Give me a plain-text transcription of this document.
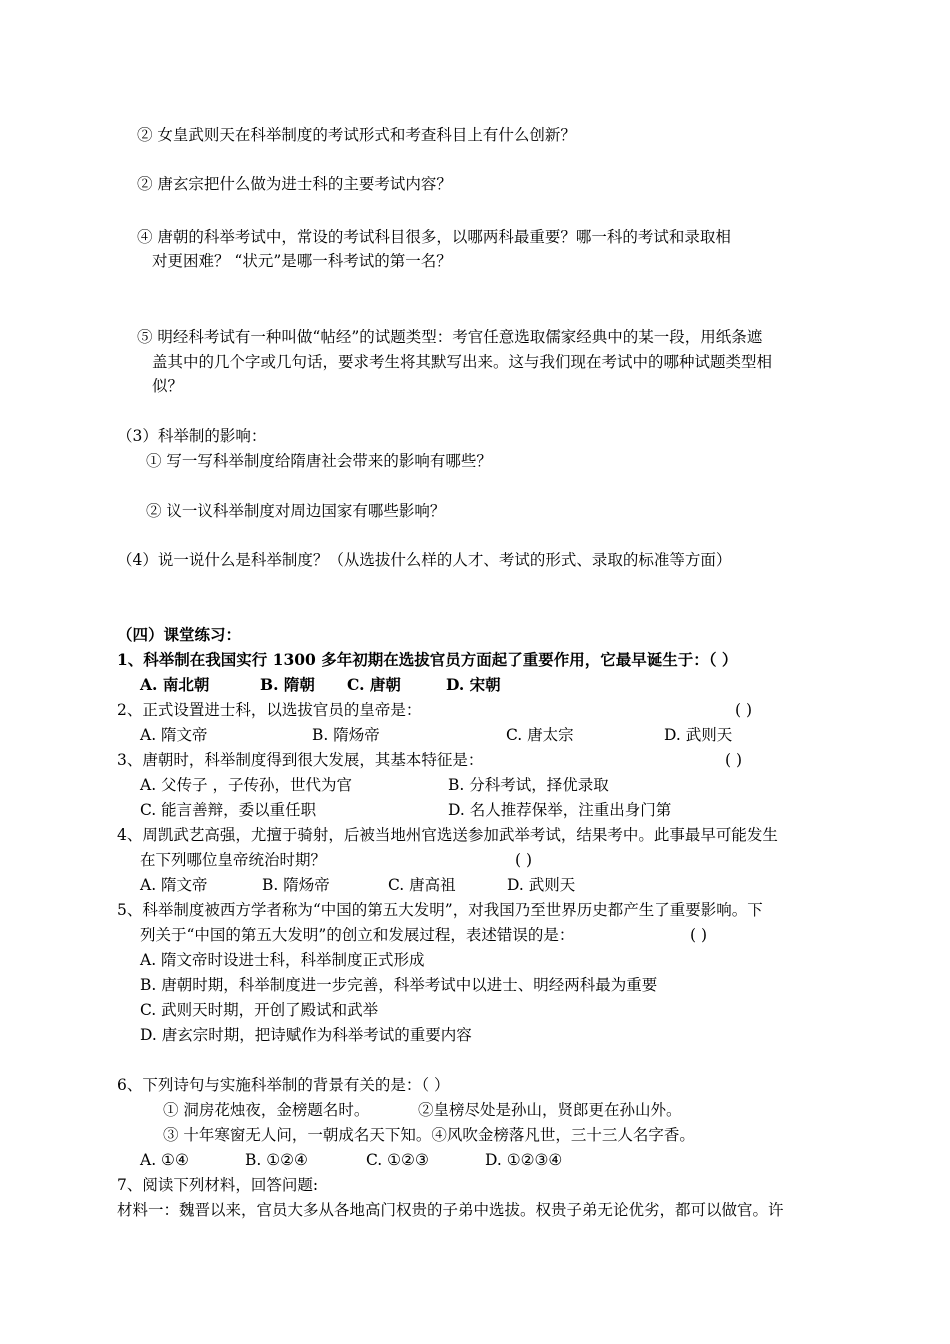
② 女皇武则天在科举制度的考试形式和考查科目上有什么创新？
② 唐玄宗把什么做为进士科的主要考试内容？
④ 唐朝的科举考试中，常设的考试科目很多，以哪两科最重要？哪一科的考试和录取相
对更困难？ “状元”是哪一科考试的第一名？
⑤ 明经科考试有一种叫做“帖经”的试题类型：考官任意选取儒家经典中的某一段，用纸条遮
盖其中的几个字或几句话，要求考生将其默写出来。这与我们现在考试中的哪种试题类型相
似？
（3）科举制的影响：
① 写一写科举制度给隋唐社会带来的影响有哪些？
② 议一议科举制度对周边国家有哪些影响？
（4）说一说什么是科举制度？（从选拔什么样的人才、考试的形式、录取的标准等方面）
（四）课堂练习：
1、科举制在我国实行 1300 多年初期在选拔官员方面起了重要作用，它最早诞生于：（ ）
A. 南北朝	B. 隋朝 C. 唐朝	D. 宋朝
2、正式设置进士科，以选拔官员的皇帝是：	( )
A. 隋文帝	B. 隋炀帝	C. 唐太宗	D. 武则天
3、唐朝时，科举制度得到很大发展，其基本特征是：	( )
A. 父传子 ，子传孙，世代为官	B. 分科考试，择优录取
C. 能言善辩，委以重任职	D. 名人推荐保举，注重出身门第
4、周凯武艺高强，尤擅于骑射，后被当地州官选送参加武举考试，结果考中。此事最早可能发生
在下列哪位皇帝统治时期？	( )
A. 隋文帝	B. 隋炀帝	C. 唐高祖	D. 武则天
5、科举制度被西方学者称为“中国的第五大发明”，对我国乃至世界历史都产生了重要影响。下
列关于“中国的第五大发明”的创立和发展过程，表述错误的是：	( )
A. 隋文帝时设进士科，科举制度正式形成
B. 唐朝时期，科举制度进一步完善，科举考试中以进士、明经两科最为重要
C. 武则天时期，开创了殿试和武举
D. 唐玄宗时期，把诗赋作为科举考试的重要内容
6、下列诗句与实施科举制的背景有关的是：（ ）
① 洞房花烛夜，金榜题名时。	②皇榜尽处是孙山，贤郎更在孙山外。
③ 十年寒窗无人问，一朝成名天下知。④风吹金榜落凡世，三十三人名字香。
A. ①④	B. ①②④	C. ①②③	D. ①②③④
7、阅读下列材料，回答问题:
材料一：魏晋以来，官员大多从各地高门权贵的子弟中选拔。权贵子弟无论优劣，都可以做官。许
